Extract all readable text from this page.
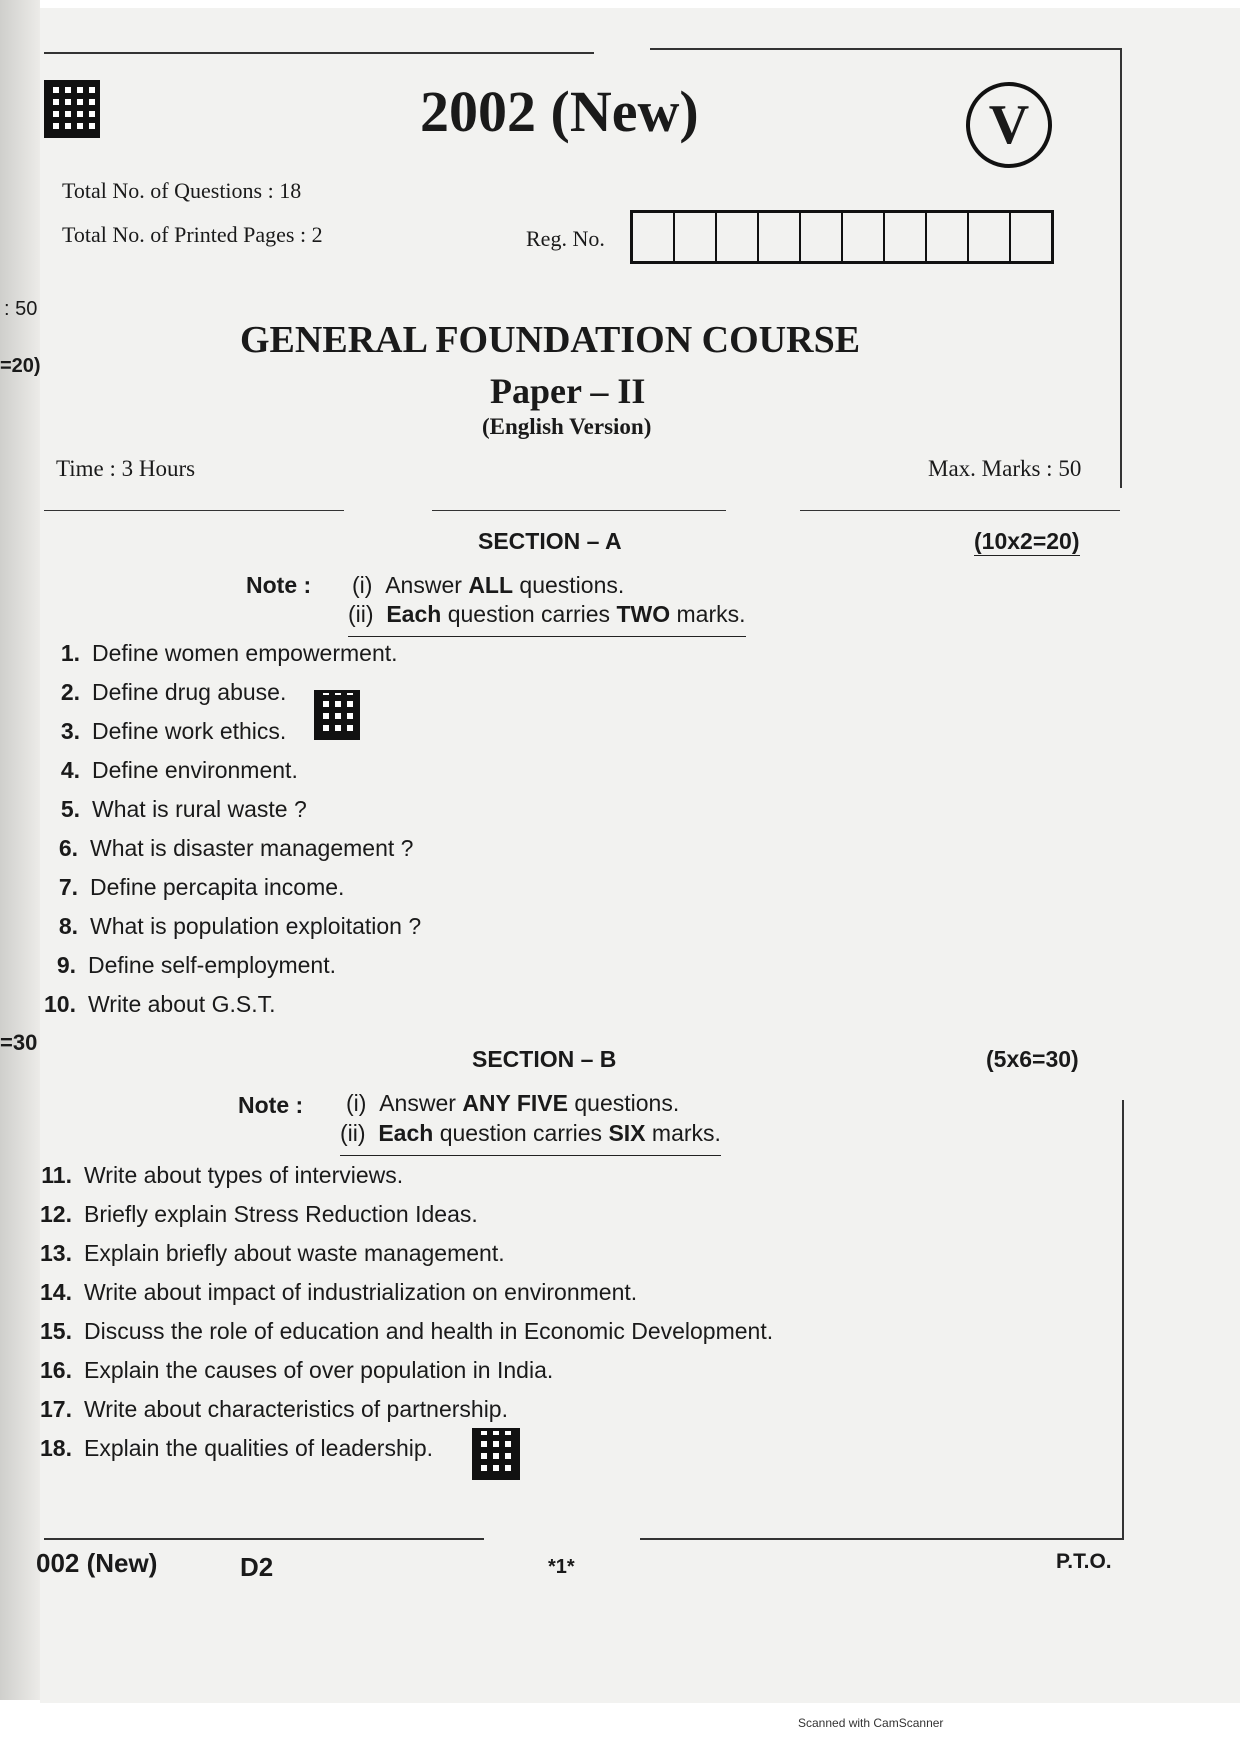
: 50
=20)
=30
2002 (New)	V
Total No. of Questions : 18
Total No. of Printed Pages : 2	Reg. No.
GENERAL FOUNDATION COURSE
Paper – II
(English Version)
Time : 3 Hours	Max. Marks : 50
SECTION – A	(10x2=20)
Note : (i) Answer ALL questions.
(ii) Each question carries TWO marks.
1. Define women empowerment.
2. Define drug abuse.
3. Define work ethics.
4. Define environment.
5. What is rural waste ?
6. What is disaster management ?
7. Define percapita income.
8. What is population exploitation ?
9. Define self-employment.
10. Write about G.S.T.
SECTION – B	(5x6=30)
Note : (i) Answer ANY FIVE questions.
(ii) Each question carries SIX marks.
11. Write about types of interviews.
12. Briefly explain Stress Reduction Ideas.
13. Explain briefly about waste management.
14. Write about impact of industrialization on environment.
15. Discuss the role of education and health in Economic Development.
16. Explain the causes of over population in India.
17. Write about characteristics of partnership.
18. Explain the qualities of leadership.
002 (New)	D2	*1*	P.T.O.
Scanned with CamScanner
